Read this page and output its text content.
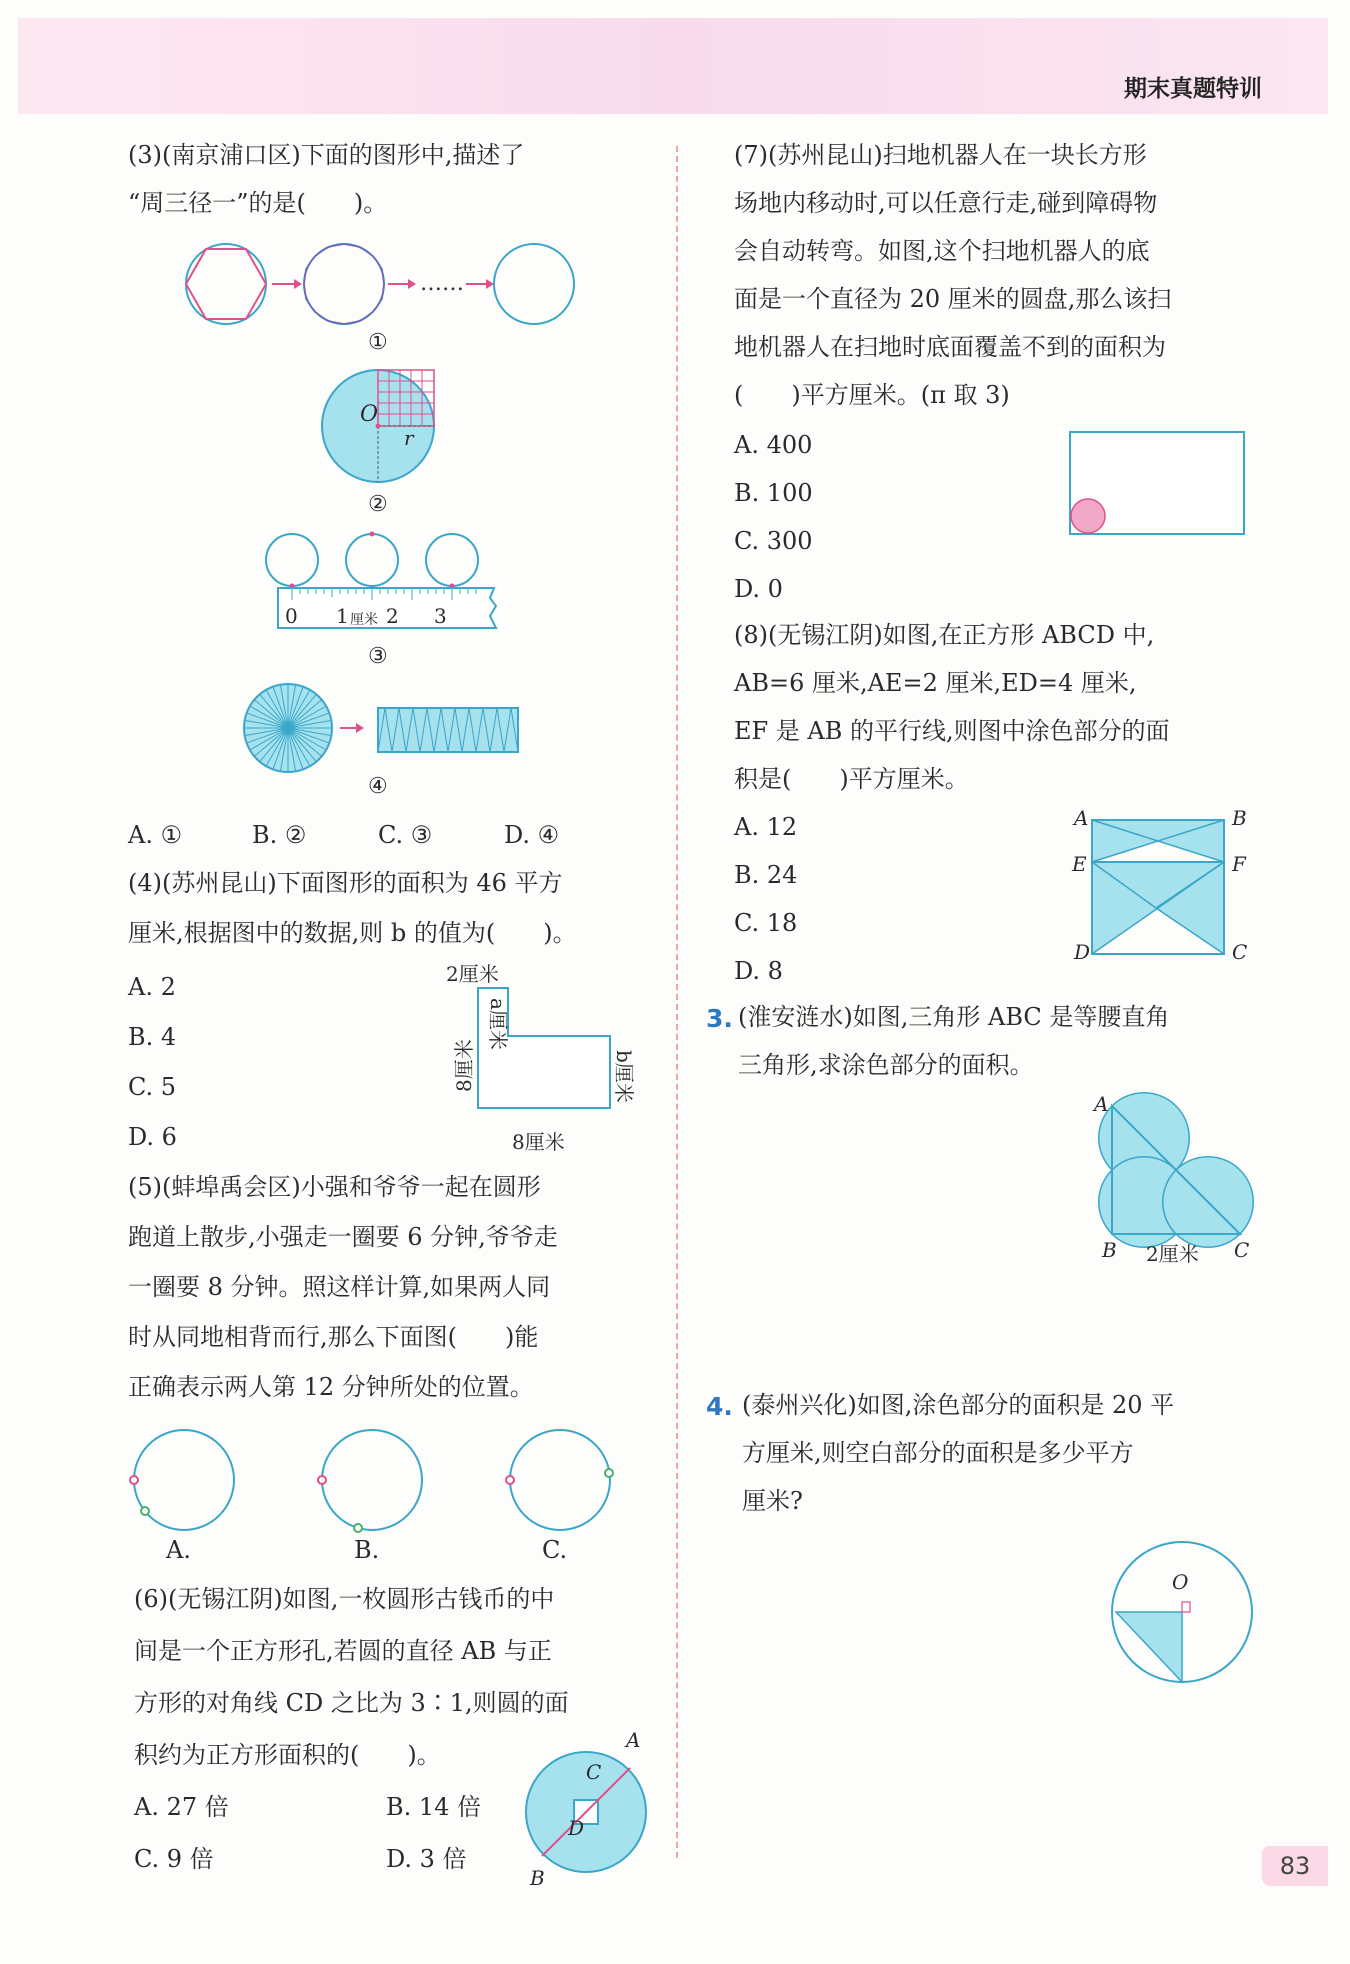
期末真题特训
(3)(南京浦口区)下面的图形中,描述了
“周三径一”的是(　　)。
……
①
O
r
②
0 1 厘米 2 3
③
④
A. ①	B. ②	C. ③	D. ④
(4)(苏州昆山)下面图形的面积为 46 平方
厘米,根据图中的数据,则 b 的值为(　　)。
A. 2
B. 4
C. 5
D. 6
2厘米
a厘米
8厘米	b厘米
8厘米
(5)(蚌埠禹会区)小强和爷爷一起在圆形
跑道上散步,小强走一圈要 6 分钟,爷爷走
一圈要 8 分钟。照这样计算,如果两人同
时从同地相背而行,那么下面图(　　)能
正确表示两人第 12 分钟所处的位置。
A.	B.	C.
(6)(无锡江阴)如图,一枚圆形古钱币的中
间是一个正方形孔,若圆的直径 AB 与正
方形的对角线 CD 之比为 3∶1,则圆的面
积约为正方形面积的(　　)。
A. 27 倍	B. 14 倍
C. 9 倍	D. 3 倍
A
B
C
D
(7)(苏州昆山)扫地机器人在一块长方形
场地内移动时,可以任意行走,碰到障碍物
会自动转弯。如图,这个扫地机器人的底
面是一个直径为 20 厘米的圆盘,那么该扫
地机器人在扫地时底面覆盖不到的面积为
(　　)平方厘米。(π 取 3)
A. 400
B. 100
C. 300
D. 0
(8)(无锡江阴)如图,在正方形 ABCD 中,
AB=6 厘米,AE=2 厘米,ED=4 厘米,
EF 是 AB 的平行线,则图中涂色部分的面
积是(　　)平方厘米。
A. 12
B. 24
C. 18
D. 8
A	B
E	F
D	C
3. (淮安涟水)如图,三角形 ABC 是等腰直角
三角形,求涂色部分的面积。
A
B 2厘米 C
4. (泰州兴化)如图,涂色部分的面积是 20 平
方厘米,则空白部分的面积是多少平方
厘米?
O
83
